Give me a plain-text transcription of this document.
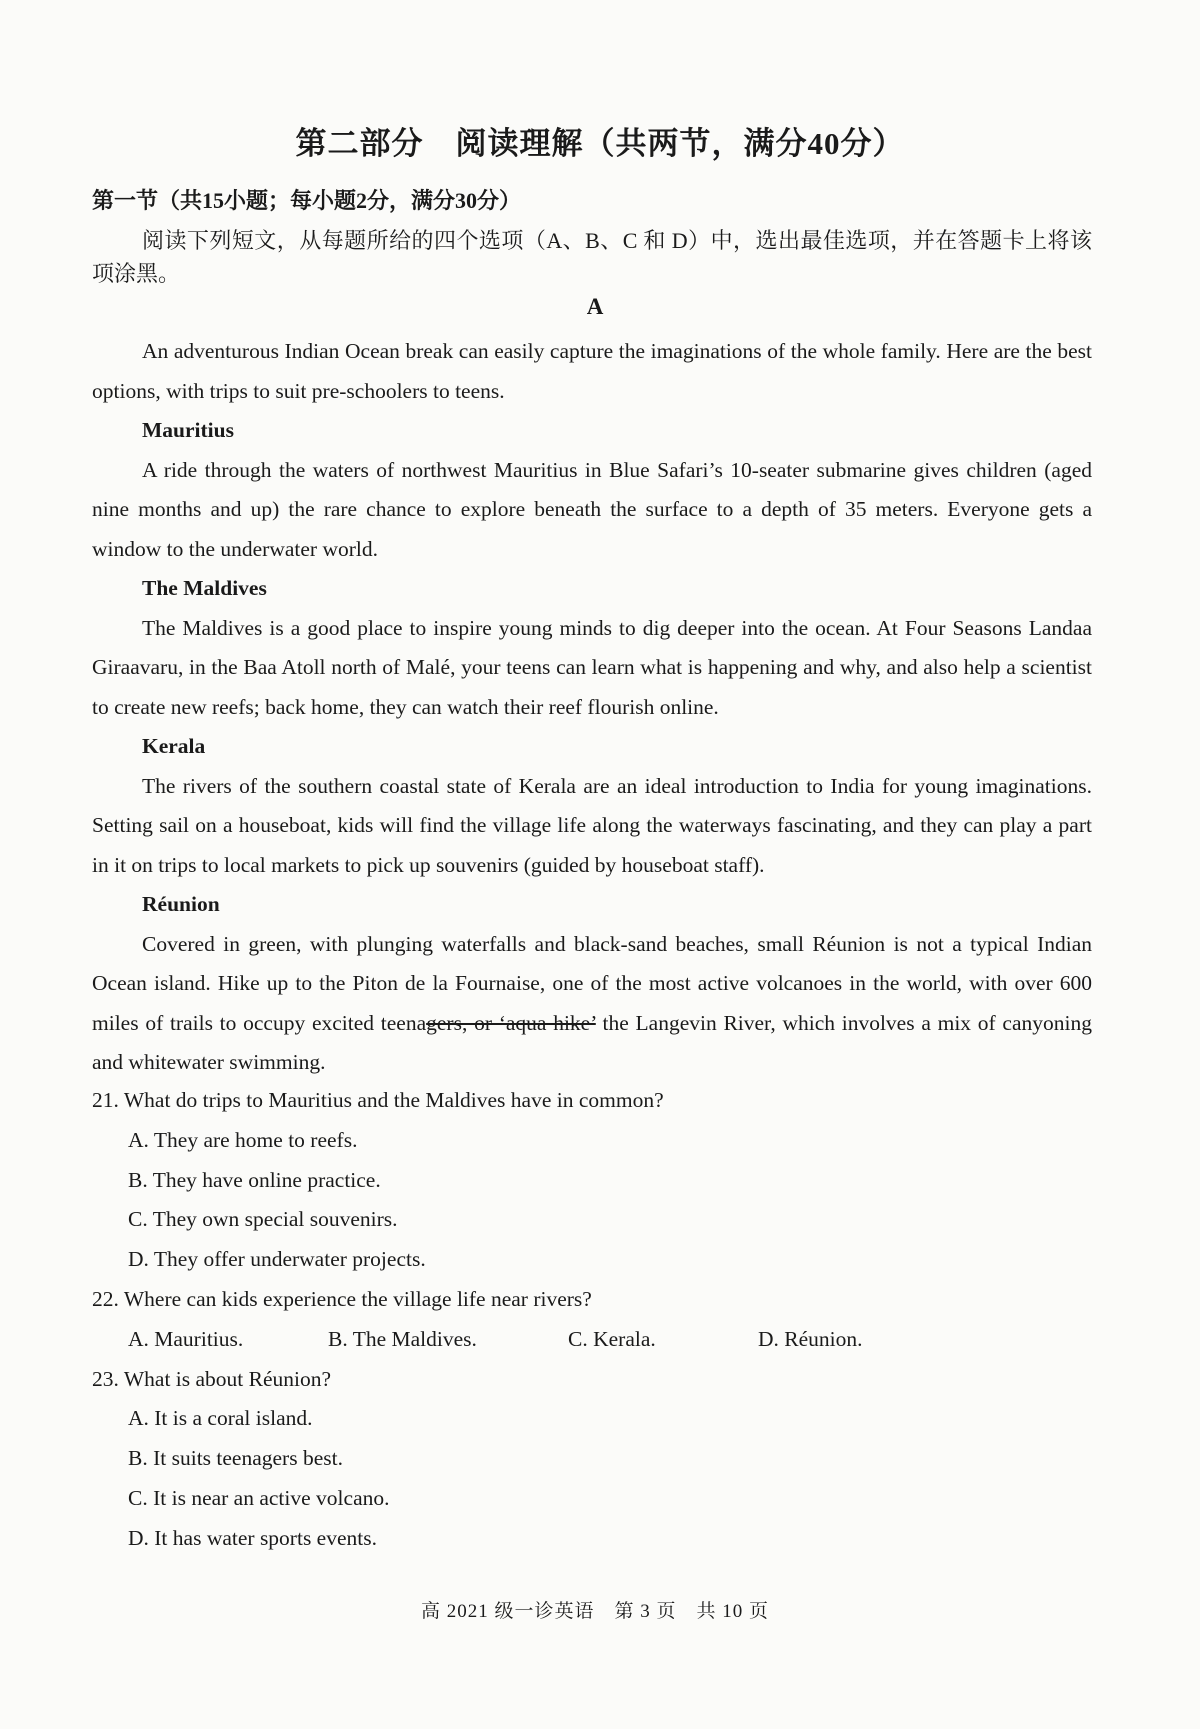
第二部分　阅读理解（共两节，满分40分）
第一节（共15小题；每小题2分，满分30分）
阅读下列短文，从每题所给的四个选项（A、B、C 和 D）中，选出最佳选项，并在答题卡上将该项涂黑。
A

An adventurous Indian Ocean break can easily capture the imaginations of the whole family. Here are the best options, with trips to suit pre-schoolers to teens.

Mauritius

A ride through the waters of northwest Mauritius in Blue Safari’s 10-seater submarine gives children (aged nine months and up) the rare chance to explore beneath the surface to a depth of 35 meters. Everyone gets a window to the underwater world.

The Maldives

The Maldives is a good place to inspire young minds to dig deeper into the ocean. At Four Seasons Landaa Giraavaru, in the Baa Atoll north of Malé, your teens can learn what is happening and why, and also help a scientist to create new reefs; back home, they can watch their reef flourish online.

Kerala

The rivers of the southern coastal state of Kerala are an ideal introduction to India for young imaginations. Setting sail on a houseboat, kids will find the village life along the waterways fascinating, and they can play a part in it on trips to local markets to pick up souvenirs (guided by houseboat staff).

Réunion

Covered in green, with plunging waterfalls and black-sand beaches, small Réunion is not a typical Indian Ocean island. Hike up to the Piton de la Fournaise, one of the most active volcanoes in the world, with over 600 miles of trails to occupy excited teenagers, or ‘aqua hike’ the Langevin River, which involves a mix of canyoning and whitewater swimming.

21. What do trips to Mauritius and the Maldives have in common?

A. They are home to reefs.

B. They have online practice.

C. They own special souvenirs.

D. They offer underwater projects.

22. Where can kids experience the village life near rivers?

A. Mauritius.	B. The Maldives.	C. Kerala.	D. Réunion.

23. What is about Réunion?

A. It is a coral island.

B. It suits teenagers best.

C. It is near an active volcano.

D. It has water sports events.

高 2021 级一诊英语　第 3 页　共 10 页
